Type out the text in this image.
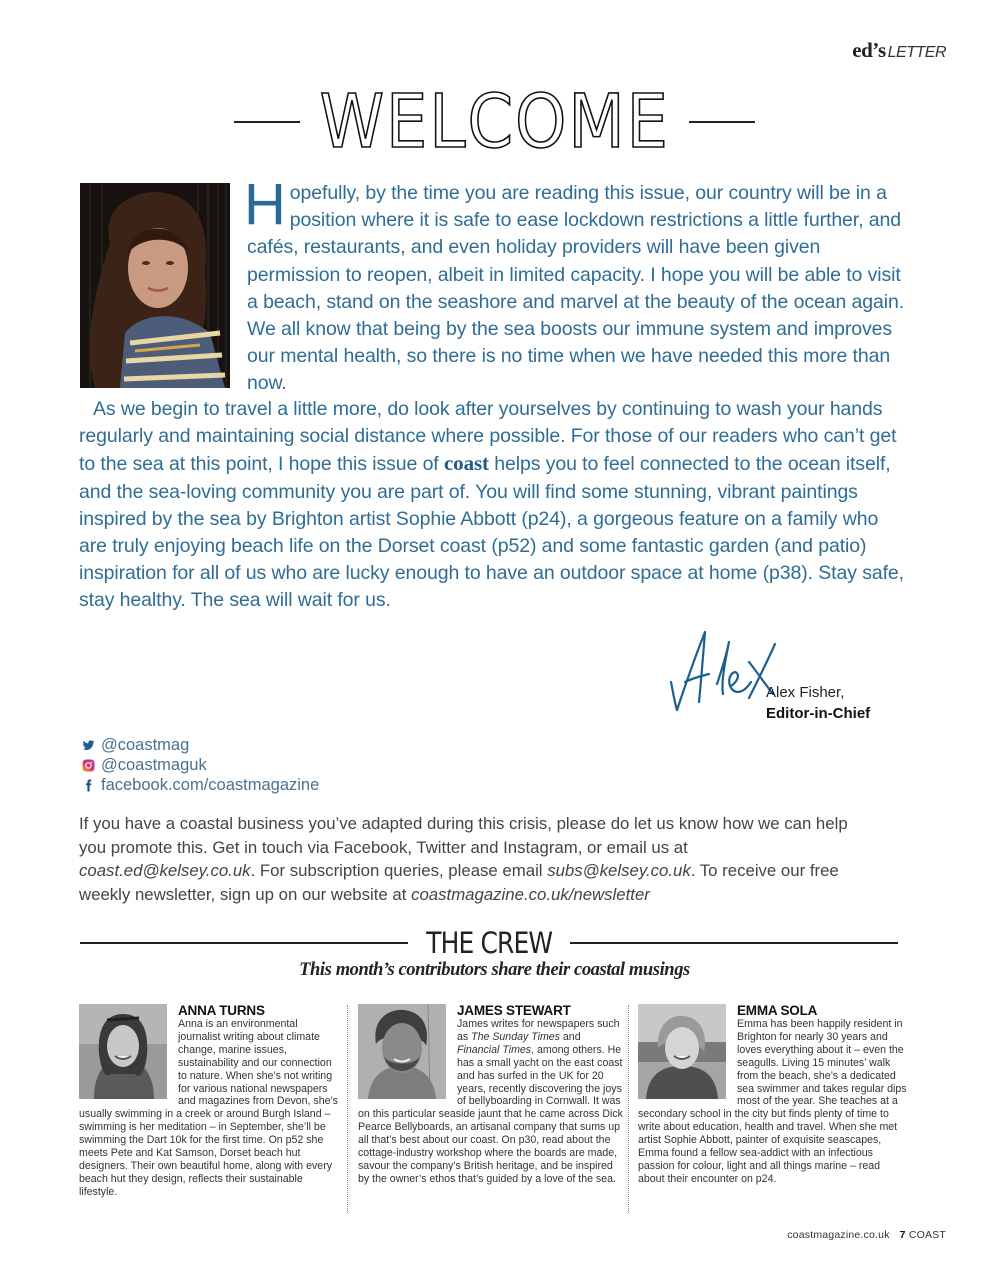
ed’s LETTER
WELCOME
Hopefully, by the time you are reading this issue, our country will be in a position where it is safe to ease lockdown restrictions a little further, and cafés, restaurants, and even holiday providers will have been given permission to reopen, albeit in limited capacity. I hope you will be able to visit a beach, stand on the seashore and marvel at the beauty of the ocean again. We all know that being by the sea boosts our immune system and improves our mental health, so there is no time when we have needed this more than now.
As we begin to travel a little more, do look after yourselves by continuing to wash your hands regularly and maintaining social distance where possible. For those of our readers who can’t get to the sea at this point, I hope this issue of coast helps you to feel connected to the ocean itself, and the sea-loving community you are part of. You will find some stunning, vibrant paintings inspired by the sea by Brighton artist Sophie Abbott (p24), a gorgeous feature on a family who are truly enjoying beach life on the Dorset coast (p52) and some fantastic garden (and patio) inspiration for all of us who are lucky enough to have an outdoor space at home (p38). Stay safe, stay healthy. The sea will wait for us.
Alex Fisher,
Editor-in-Chief
@coastmag
@coastmaguk
facebook.com/coastmagazine
If you have a coastal business you’ve adapted during this crisis, please do let us know how we can help you promote this. Get in touch via Facebook, Twitter and Instagram, or email us at coast.ed@kelsey.co.uk. For subscription queries, please email subs@kelsey.co.uk. To receive our free weekly newsletter, sign up on our website at coastmagazine.co.uk/newsletter
THE CREW
This month’s contributors share their coastal musings
ANNA TURNS
Anna is an environmental journalist writing about climate change, marine issues, sustainability and our connection to nature. When she’s not writing for various national newspapers and magazines from Devon, she’s usually swimming in a creek or around Burgh Island – swimming is her meditation – in September, she’ll be swimming the Dart 10k for the first time. On p52 she meets Pete and Kat Samson, Dorset beach hut designers. Their own beautiful home, along with every beach hut they design, reflects their sustainable lifestyle.
JAMES STEWART
James writes for newspapers such as The Sunday Times and Financial Times, among others. He has a small yacht on the east coast and has surfed in the UK for 20 years, recently discovering the joys of bellyboarding in Cornwall. It was on this particular seaside jaunt that he came across Dick Pearce Bellyboards, an artisanal company that sums up all that’s best about our coast. On p30, read about the cottage-industry workshop where the boards are made, savour the company’s British heritage, and be inspired by the owner’s ethos that’s guided by a love of the sea.
EMMA SOLA
Emma has been happily resident in Brighton for nearly 30 years and loves everything about it – even the seagulls. Living 15 minutes’ walk from the beach, she’s a dedicated sea swimmer and takes regular dips most of the year. She teaches at a secondary school in the city but finds plenty of time to write about education, health and travel. When she met artist Sophie Abbott, painter of exquisite seascapes, Emma found a fellow sea-addict with an infectious passion for colour, light and all things marine – read about their encounter on p24.
coastmagazine.co.uk 7 COAST
